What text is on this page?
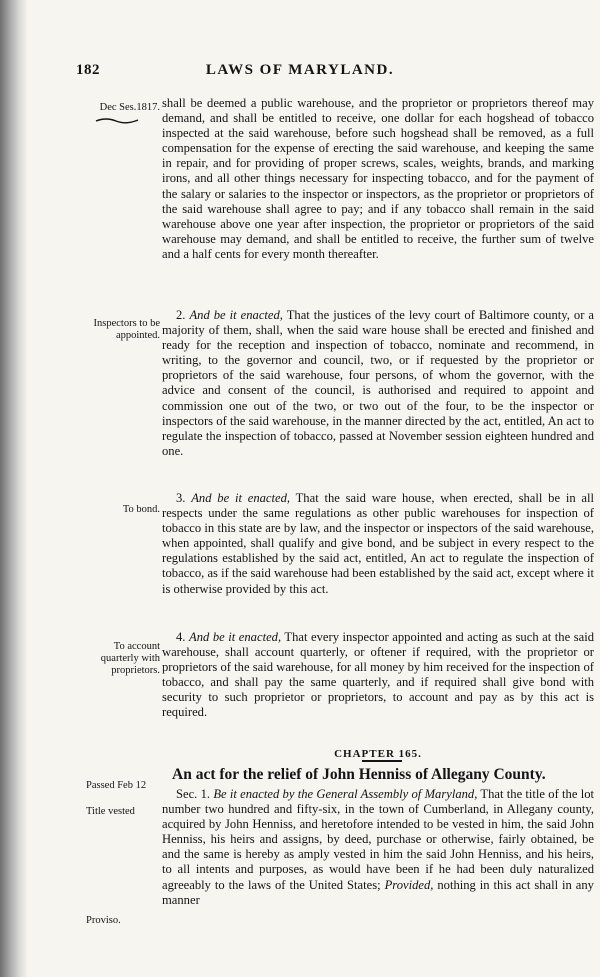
182	LAWS OF MARYLAND.
Dec Ses.1817. shall be deemed a public warehouse, and the proprietor or proprietors thereof may demand, and shall be entitled to receive, one dollar for each hogshead of tobacco inspected at the said warehouse, before such hogshead shall be removed, as a full compensation for the expense of erecting the said warehouse, and keeping the same in repair, and for providing of proper screws, scales, weights, brands, and marking irons, and all other things necessary for inspecting tobacco, and for the payment of the salary or salaries to the inspector or inspectors, as the proprietor or proprietors of the said warehouse shall agree to pay; and if any tobacco shall remain in the said warehouse above one year after inspection, the proprietor or proprietors of the said warehouse may demand, and shall be entitled to receive, the further sum of twelve and a half cents for every month thereafter.

Inspectors to be appointed.

2. And be it enacted, That the justices of the levy court of Baltimore county, or a majority of them, shall, when the said ware house shall be erected and finished and ready for the reception and inspection of tobacco, nominate and recommend, in writing, to the governor and council, two, or if requested by the proprietor or proprietors of the said warehouse, four persons, of whom the governor, with the advice and consent of the council, is authorised and required to appoint and commission one out of the two, or two out of the four, to be the inspector or inspectors of the said warehouse, in the manner directed by the act, entitled, An act to regulate the inspection of tobacco, passed at November session eighteen hundred and one.

To bond.

3. And be it enacted, That the said ware house, when erected, shall be in all respects under the same regulations as other public warehouses for inspection of tobacco in this state are by law, and the inspector or inspectors of the said warehouse, when appointed, shall qualify and give bond, and be subject in every respect to the regulations established by the said act, entitled, An act to regulate the inspection of tobacco, as if the said warehouse had been established by the said act, except where it is otherwise provided by this act.

To account quarterly with proprietors.

4. And be it enacted, That every inspector appointed and acting as such at the said warehouse, shall account quarterly, or oftener if required, with the proprietor or proprietors of the said warehouse, for all money by him received for the inspection of tobacco, and shall pay the same quarterly, and if required shall give bond with security to such proprietor or proprietors, to account and pay as by this act is required.

CHAPTER 165.
An act for the relief of John Henniss of Allegany County.
Passed Feb 12
Title vested

Sec. 1. Be it enacted by the General Assembly of Maryland, That the title of the lot number two hundred and fifty-six, in the town of Cumberland, in Allegany county, acquired by John Henniss, and heretofore intended to be vested in him, the said John Henniss, his heirs and assigns, by deed, purchase or otherwise, fairly obtained, be and the same is hereby as amply vested in him the said John Henniss, and his heirs, to all intents and purposes, as would have been if he had been duly naturalized agreeably to the laws of the United States; Provided, nothing in this act shall in any manner

Proviso.
